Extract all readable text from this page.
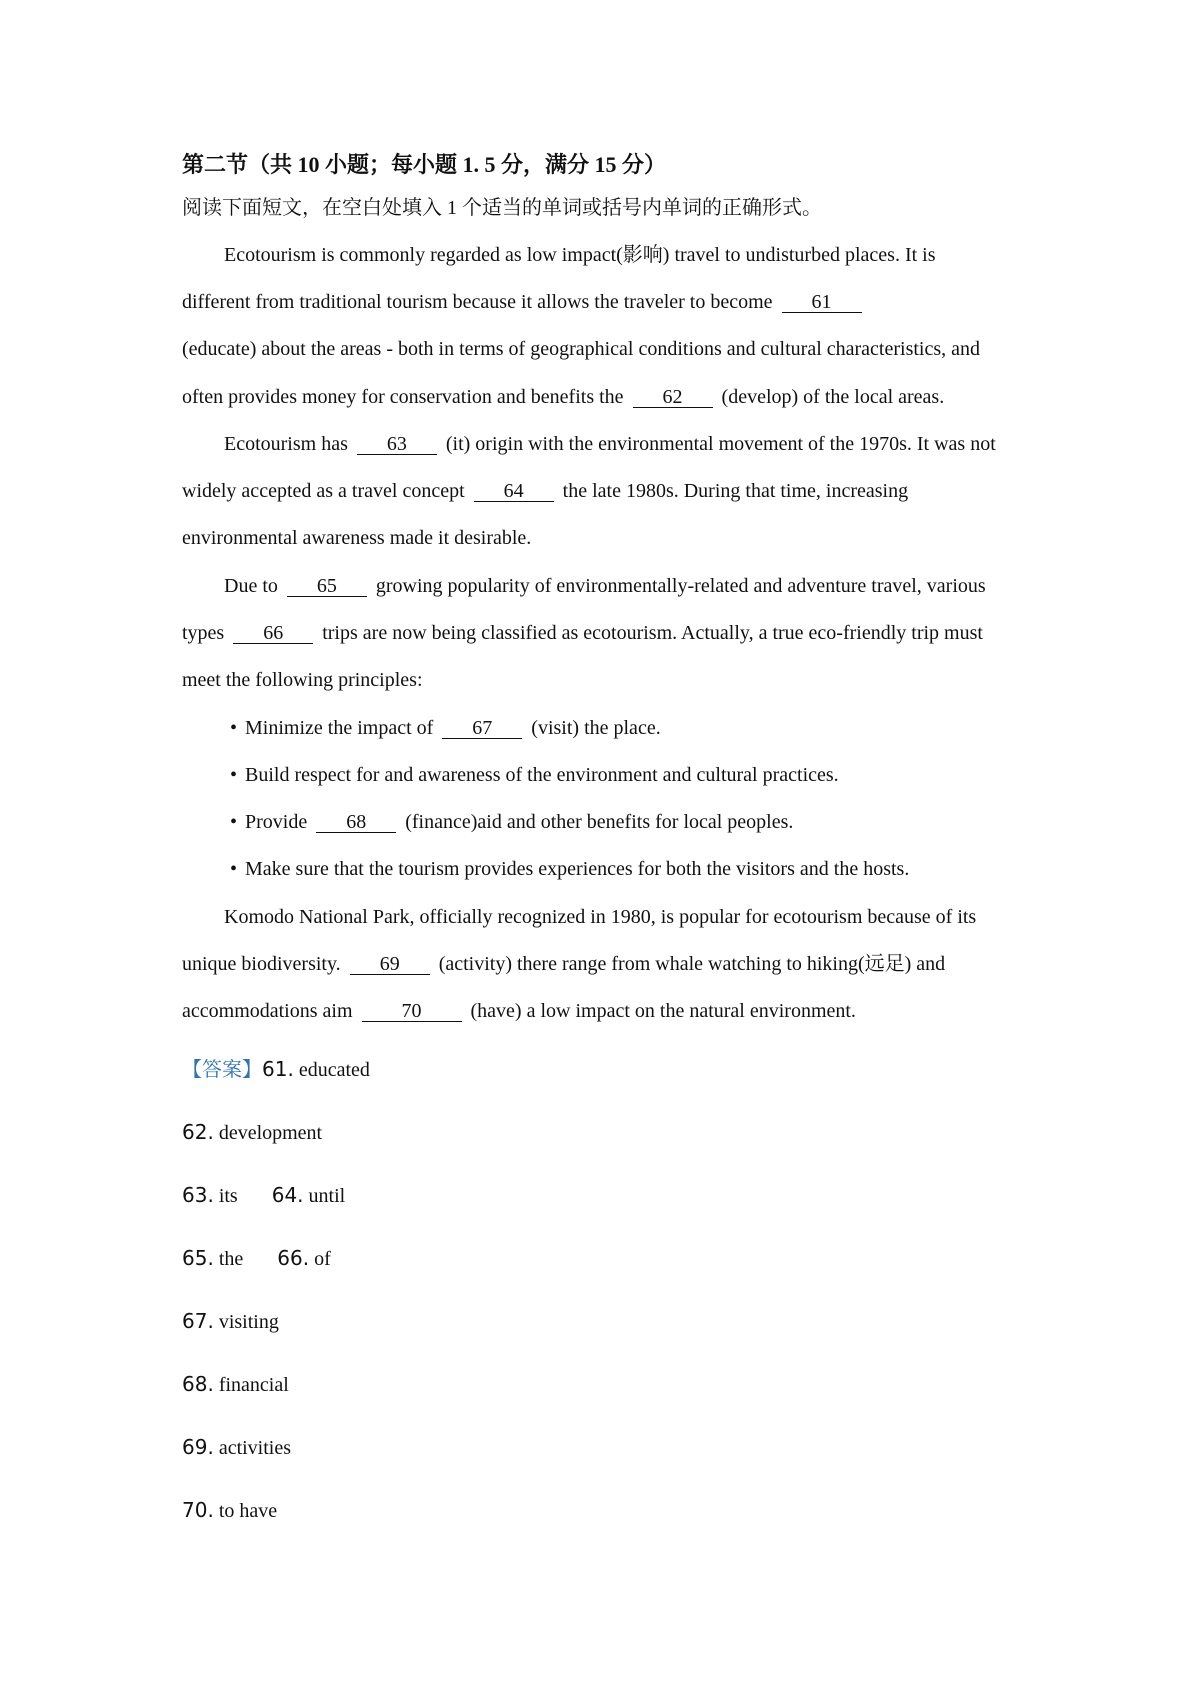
第二节（共 10 小题；每小题 1. 5 分，满分 15 分）
阅读下面短文，在空白处填入 1 个适当的单词或括号内单词的正确形式。
Ecotourism is commonly regarded as low impact(影响) travel to undisturbed places. It is
different from traditional tourism because it allows the traveler to become 61
(educate) about the areas - both in terms of geographical conditions and cultural characteristics, and
often provides money for conservation and benefits the 62 (develop) of the local areas.
Ecotourism has 63 (it) origin with the environmental movement of the 1970s. It was not
widely accepted as a travel concept 64 the late 1980s. During that time, increasing
environmental awareness made it desirable.
Due to 65 growing popularity of environmentally-related and adventure travel, various
types 66 trips are now being classified as ecotourism. Actually, a true eco-friendly trip must
meet the following principles:
• Minimize the impact of 67 (visit) the place.
• Build respect for and awareness of the environment and cultural practices.
• Provide 68 (finance)aid and other benefits for local peoples.
• Make sure that the tourism provides experiences for both the visitors and the hosts.
Komodo National Park, officially recognized in 1980, is popular for ecotourism because of its
unique biodiversity. 69 (activity) there range from whale watching to hiking(远足) and
accommodations aim 70 (have) a low impact on the natural environment.
【答案】61. educated
62. development
63. its 64. until
65. the 66. of
67. visiting
68. financial
69. activities
70. to have
